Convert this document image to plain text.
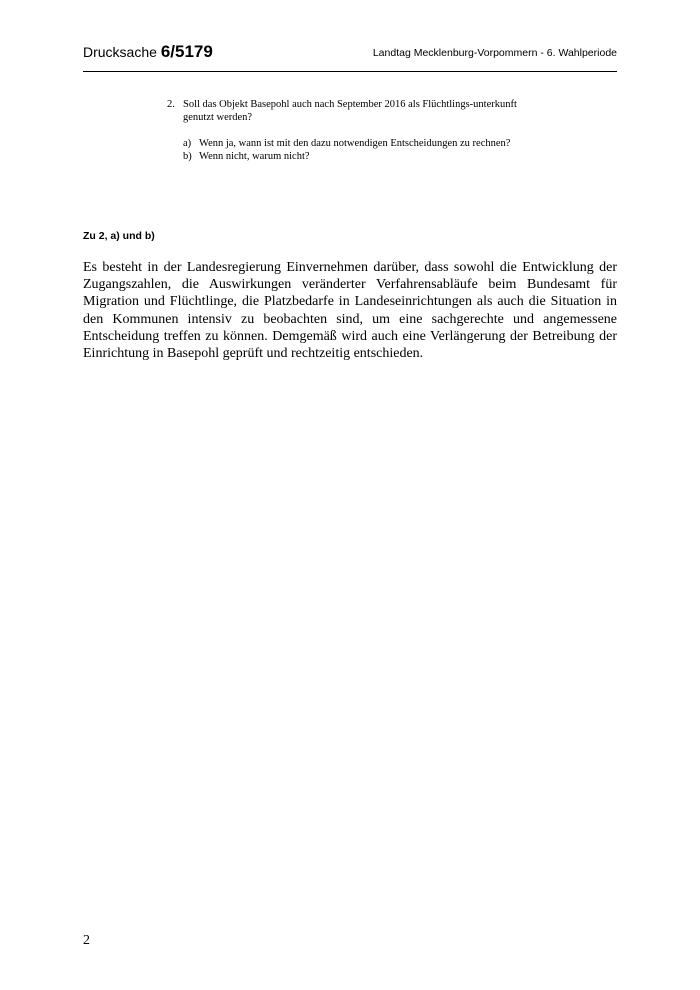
Drucksache 6/5179	Landtag Mecklenburg-Vorpommern - 6. Wahlperiode
2. Soll das Objekt Basepohl auch nach September 2016 als Flüchtlings-unterkunft genutzt werden?
a) Wenn ja, wann ist mit den dazu notwendigen Entscheidungen zu rechnen?
b) Wenn nicht, warum nicht?
Zu 2, a) und b)

Es besteht in der Landesregierung Einvernehmen darüber, dass sowohl die Entwicklung der Zugangszahlen, die Auswirkungen veränderter Verfahrensabläufe beim Bundesamt für Migration und Flüchtlinge, die Platzbedarfe in Landeseinrichtungen als auch die Situation in den Kommunen intensiv zu beobachten sind, um eine sachgerechte und angemessene Entscheidung treffen zu können. Demgemäß wird auch eine Verlängerung der Betreibung der Einrichtung in Basepohl geprüft und rechtzeitig entschieden.

2
